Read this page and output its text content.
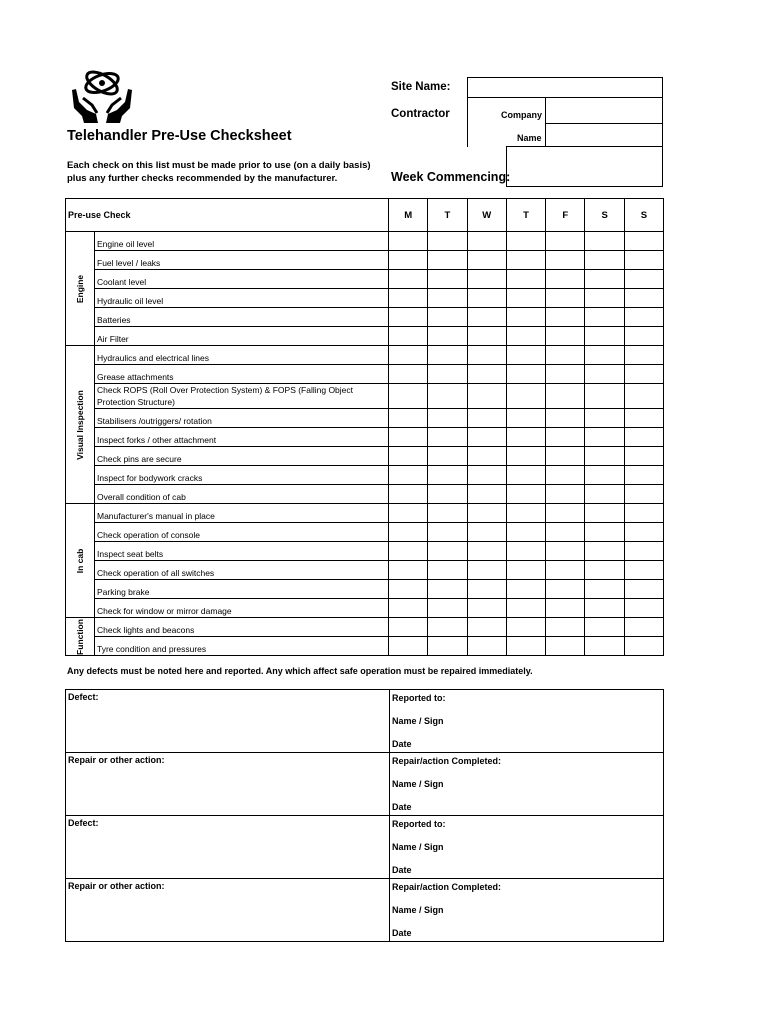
Telehandler Pre-Use Checksheet
Each check on this list must be made prior to use (on a daily basis) plus any further checks recommended by the manufacturer.
Site Name:
Contractor	Company
Name
Week Commencing:
Pre-use Check		M	T	W	T	F	S	S

Engine	Engine oil level							
	Fuel level / leaks							
	Coolant level							
	Hydraulic oil level							
	Batteries							
	Air Filter							

Visual Inspection	Hydraulics and electrical lines							
	Grease attachments							
	Check ROPS (Roll Over Protection System) & FOPS (Falling Object Protection Structure)							
	Stabilisers /outriggers/ rotation							
	Inspect forks / other attachment							
	Check pins are secure							
	Inspect for bodywork cracks							
	Overall condition of cab							

In cab	Manufacturer's manual in place							
	Check operation of console							
	Inspect seat belts							
	Check operation of all switches							
	Parking brake							
	Check for window or mirror damage							

Function	Check lights and beacons							
	Tyre condition and pressures							
Any defects must be noted here and reported. Any which affect safe operation must be repaired immediately.
Defect:	Reported to:
Name / Sign
Date

Repair or other action:	Repair/action Completed:
Name / Sign
Date

Defect:	Reported to:
Name / Sign
Date

Repair or other action:	Repair/action Completed:
Name / Sign
Date
